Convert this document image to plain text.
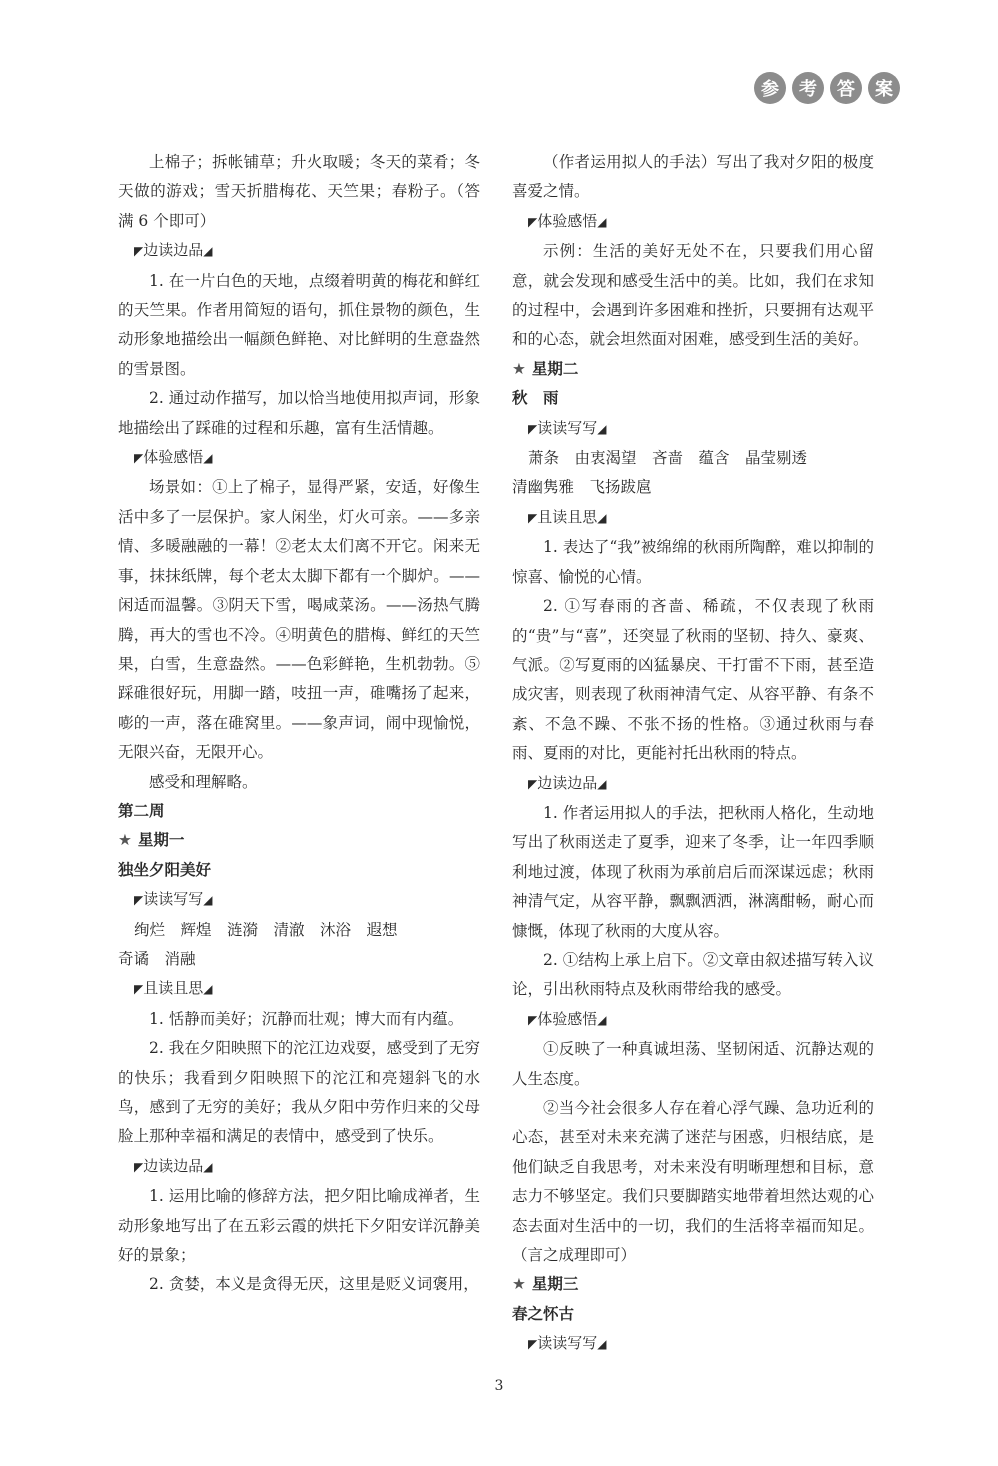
参	考	答	案

上棉子；拆帐铺草；升火取暖；冬天的菜肴；冬天做的游戏；雪天折腊梅花、天竺果；春粉子。（答满 6 个即可）

◤边读边品◢

1. 在一片白色的天地，点缀着明黄的梅花和鲜红的天竺果。作者用简短的语句，抓住景物的颜色，生动形象地描绘出一幅颜色鲜艳、对比鲜明的生意盎然的雪景图。

2. 通过动作描写，加以恰当地使用拟声词，形象地描绘出了踩碓的过程和乐趣，富有生活情趣。

◤体验感悟◢

场景如：①上了棉子，显得严紧，安适，好像生活中多了一层保护。家人闲坐，灯火可亲。——多亲情、多暖融融的一幕！②老太太们离不开它。闲来无事，抹抹纸牌，每个老太太脚下都有一个脚炉。——闲适而温馨。③阴天下雪，喝咸菜汤。——汤热气腾腾，再大的雪也不冷。④明黄色的腊梅、鲜红的天竺果，白雪，生意盎然。——色彩鲜艳，生机勃勃。⑤踩碓很好玩，用脚一踏，吱扭一声，碓嘴扬了起来，嘭的一声，落在碓窝里。——象声词，闹中现愉悦，无限兴奋，无限开心。

感受和理解略。

第二周

★ 星期一

独坐夕阳美好

◤读读写写◢

绚烂　辉煌　涟漪　清澈　沐浴　遐想

奇谲　消融

◤且读且思◢

1. 恬静而美好；沉静而壮观；博大而有内蕴。

2. 我在夕阳映照下的沱江边戏耍，感受到了无穷的快乐；我看到夕阳映照下的沱江和亮翅斜飞的水鸟，感到了无穷的美好；我从夕阳中劳作归来的父母脸上那种幸福和满足的表情中，感受到了快乐。

◤边读边品◢

1. 运用比喻的修辞方法，把夕阳比喻成禅者，生动形象地写出了在五彩云霞的烘托下夕阳安详沉静美好的景象；

2. 贪婪，本义是贪得无厌，这里是贬义词褒用，

（作者运用拟人的手法）写出了我对夕阳的极度喜爱之情。

◤体验感悟◢

示例：生活的美好无处不在，只要我们用心留意，就会发现和感受生活中的美。比如，我们在求知的过程中，会遇到许多困难和挫折，只要拥有达观平和的心态，就会坦然面对困难，感受到生活的美好。

★ 星期二

秋　雨

◤读读写写◢

萧条　由衷渴望　吝啬　蕴含　晶莹剔透

清幽隽雅　飞扬跋扈

◤且读且思◢

1. 表达了“我”被绵绵的秋雨所陶醉，难以抑制的惊喜、愉悦的心情。

2. ①写春雨的吝啬、稀疏，不仅表现了秋雨的“贵”与“喜”，还突显了秋雨的坚韧、持久、豪爽、气派。②写夏雨的凶猛暴戾、干打雷不下雨，甚至造成灾害，则表现了秋雨神清气定、从容平静、有条不紊、不急不躁、不张不扬的性格。③通过秋雨与春雨、夏雨的对比，更能衬托出秋雨的特点。

◤边读边品◢

1. 作者运用拟人的手法，把秋雨人格化，生动地写出了秋雨送走了夏季，迎来了冬季，让一年四季顺利地过渡，体现了秋雨为承前启后而深谋远虑；秋雨神清气定，从容平静，飘飘洒洒，淋漓酣畅，耐心而慷慨，体现了秋雨的大度从容。

2. ①结构上承上启下。②文章由叙述描写转入议论，引出秋雨特点及秋雨带给我的感受。

◤体验感悟◢

①反映了一种真诚坦荡、坚韧闲适、沉静达观的人生态度。

②当今社会很多人存在着心浮气躁、急功近利的心态，甚至对未来充满了迷茫与困惑，归根结底，是他们缺乏自我思考，对未来没有明晰理想和目标，意志力不够坚定。我们只要脚踏实地带着坦然达观的心态去面对生活中的一切，我们的生活将幸福而知足。（言之成理即可）

★ 星期三

春之怀古

◤读读写写◢

3
